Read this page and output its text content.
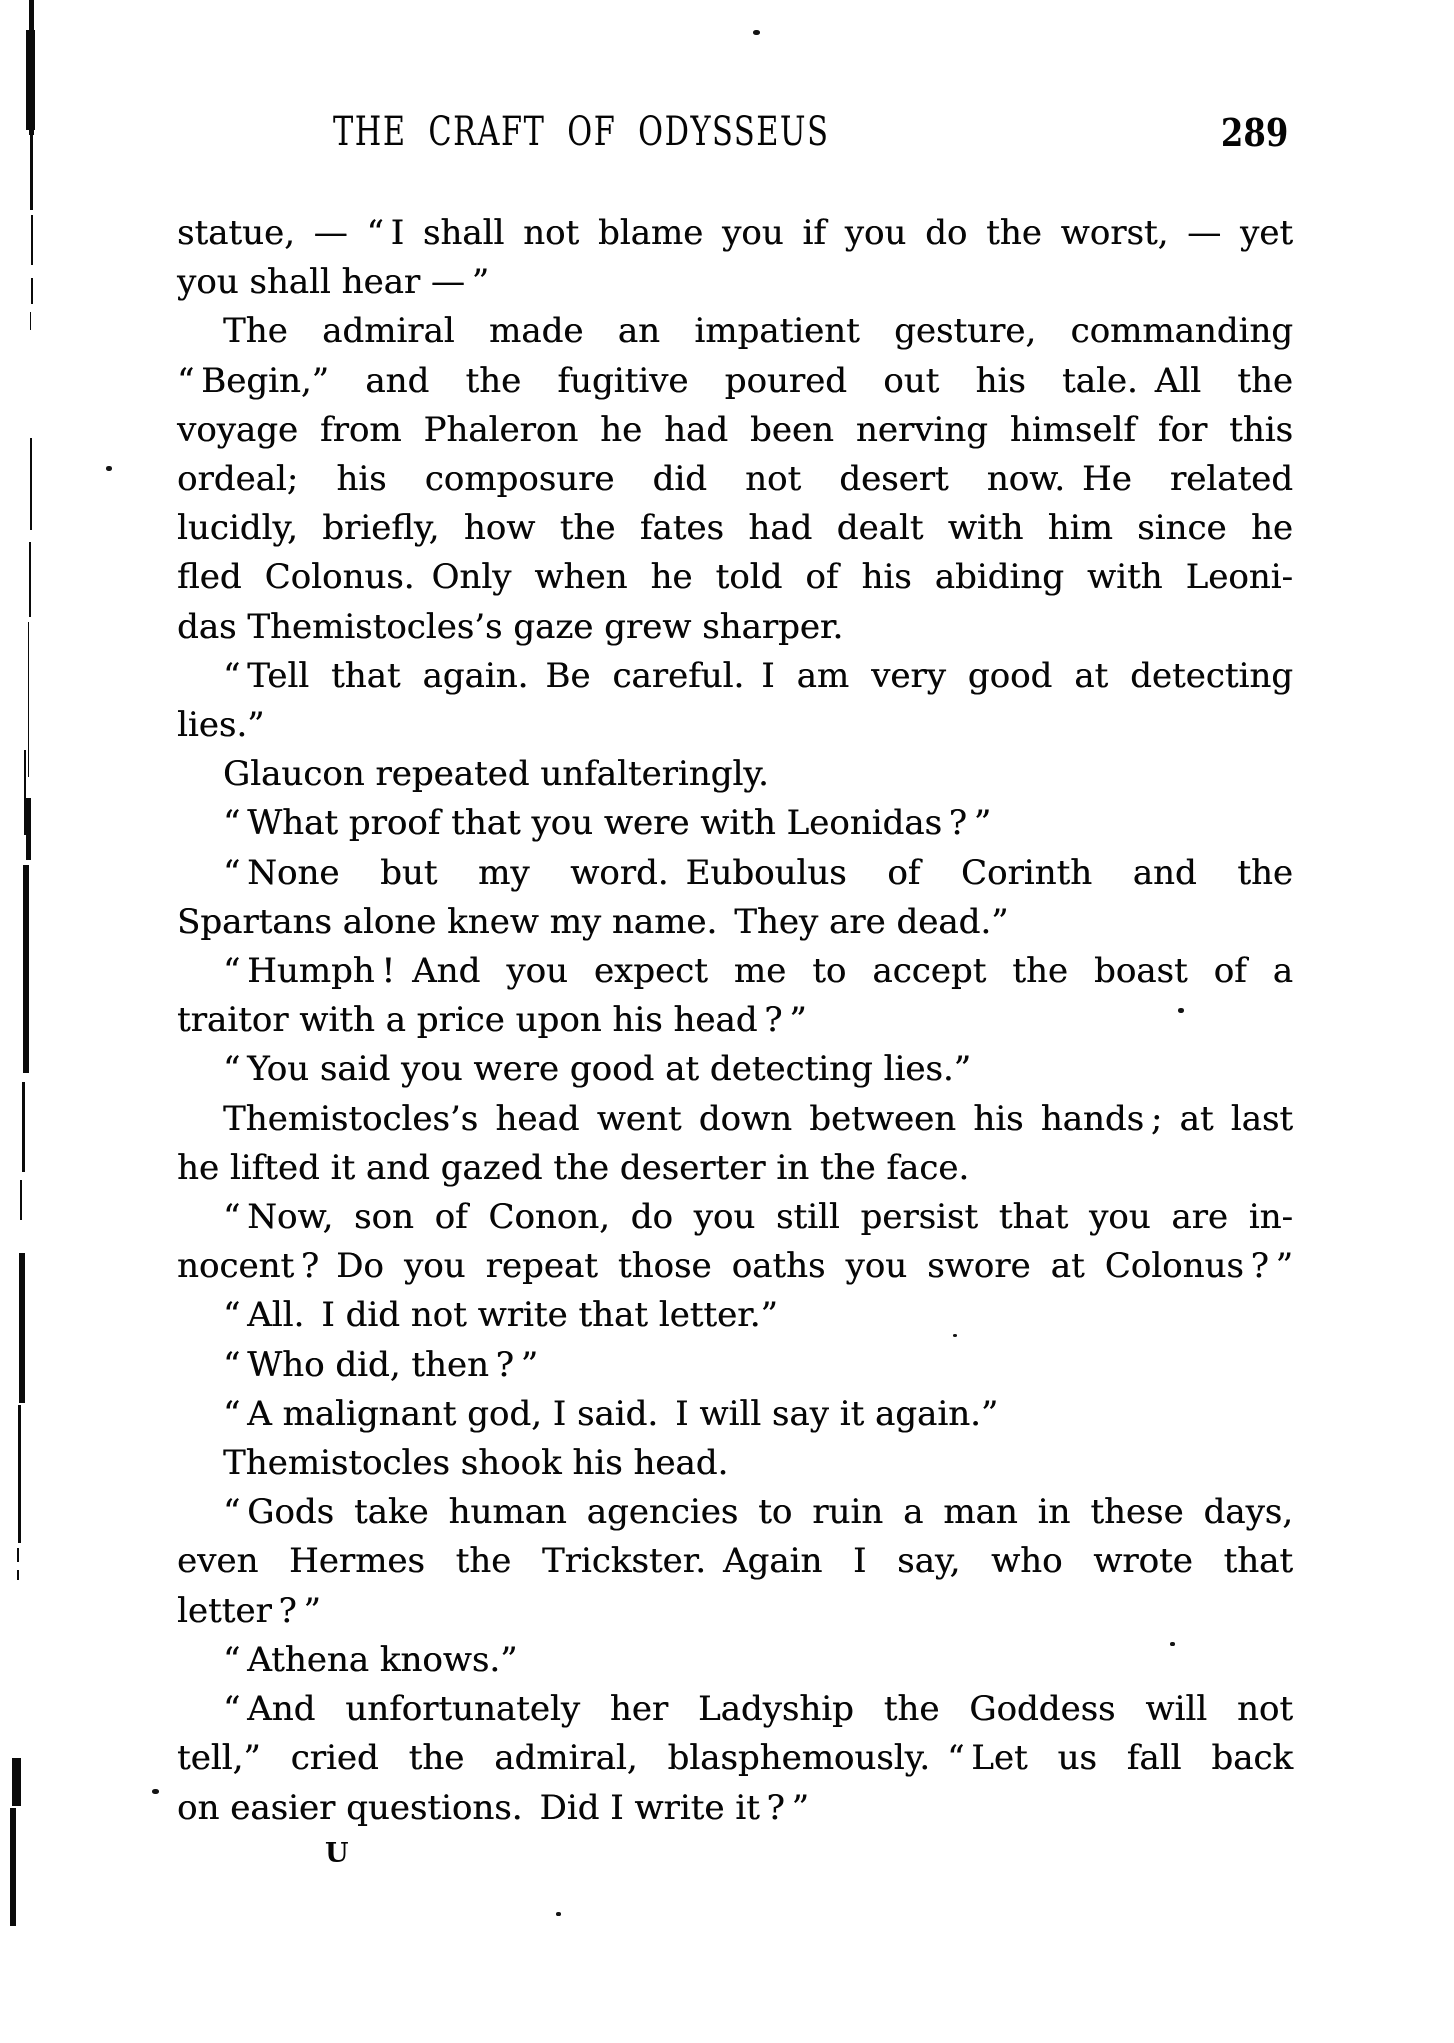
THE CRAFT OF ODYSSEUS	289
statue, — “ I shall not blame you if you do the worst, — yet
you shall hear — ”
The admiral made an impatient gesture, commanding
“ Begin,” and the fugitive poured out his tale. All the
voyage from Phaleron he had been nerving himself for this
ordeal; his composure did not desert now. He related
lucidly, briefly, how the fates had dealt with him since he
fled Colonus. Only when he told of his abiding with Leoni-
das Themistocles’s gaze grew sharper.
“ Tell that again. Be careful. I am very good at detecting
lies.”
Glaucon repeated unfalteringly.
“ What proof that you were with Leonidas ? ”
“ None but my word. Euboulus of Corinth and the
Spartans alone knew my name. They are dead.”
“ Humph ! And you expect me to accept the boast of a
traitor with a price upon his head ? ”
“ You said you were good at detecting lies.”
Themistocles’s head went down between his hands ; at last
he lifted it and gazed the deserter in the face.
“ Now, son of Conon, do you still persist that you are in-
nocent ? Do you repeat those oaths you swore at Colonus ? ”
“ All. I did not write that letter.”
“ Who did, then ? ”
“ A malignant god, I said. I will say it again.”
Themistocles shook his head.
“ Gods take human agencies to ruin a man in these days,
even Hermes the Trickster. Again I say, who wrote that
letter ? ”
“ Athena knows.”
“ And unfortunately her Ladyship the Goddess will not
tell,” cried the admiral, blasphemously. “ Let us fall back
on easier questions. Did I write it ? ”
U
